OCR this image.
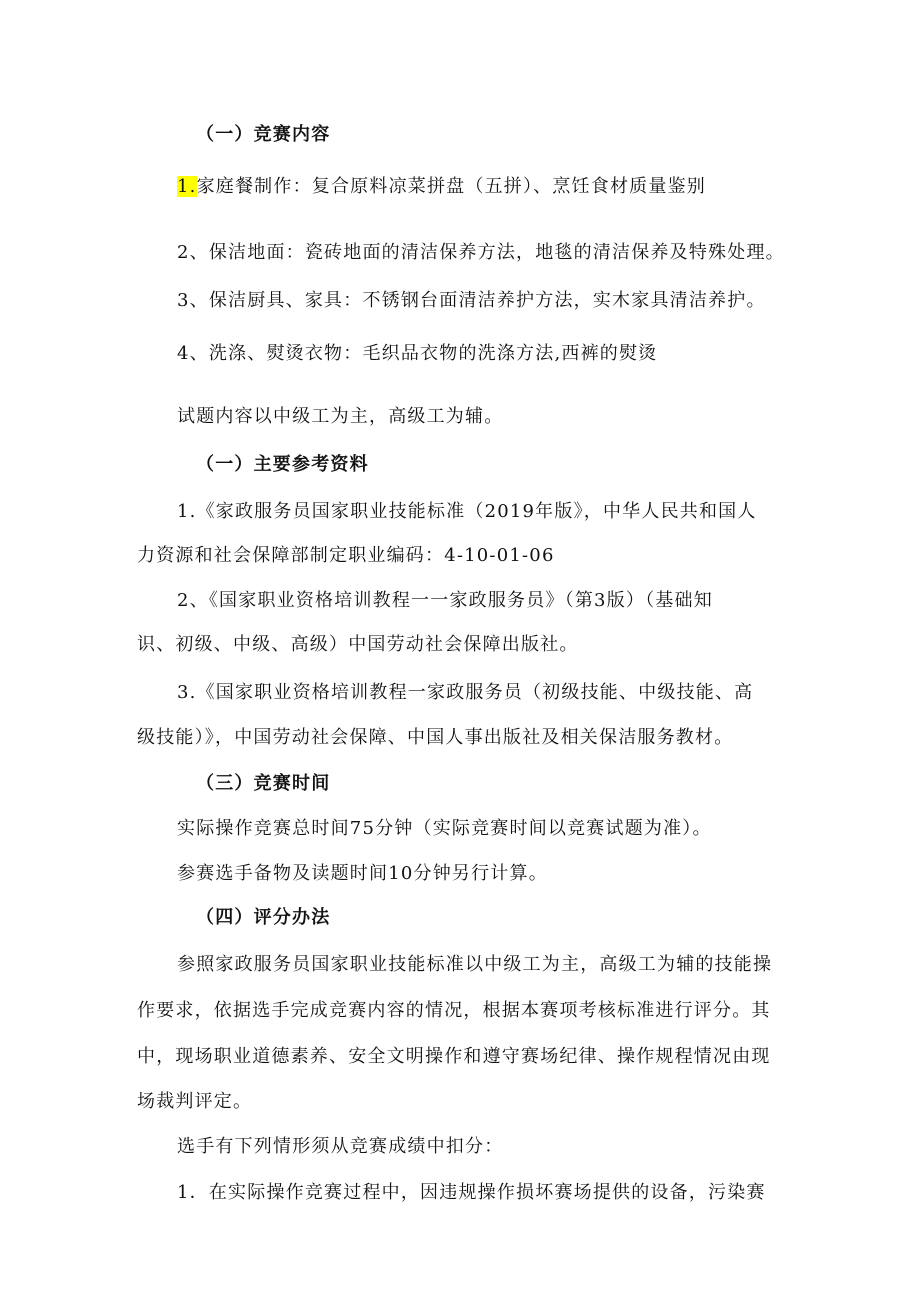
（一）竞赛内容
1.家庭餐制作：复合原料凉菜拼盘（五拼）、烹饪食材质量鉴别
2、保洁地面：瓷砖地面的清洁保养方法，地毯的清洁保养及特殊处理。
3、保洁厨具、家具：不锈钢台面清洁养护方法，实木家具清洁养护。
4、洗涤、熨烫衣物：毛织品衣物的洗涤方法,西裤的熨烫
试题内容以中级工为主，高级工为辅。
（一）主要参考资料
1.《家政服务员国家职业技能标准（2019年版》，中华人民共和国人
力资源和社会保障部制定职业编码：4-10-01-06
2、《国家职业资格培训教程一一家政服务员》（第3版）（基础知
识、初级、中级、高级）中国劳动社会保障出版社。
3.《国家职业资格培训教程一家政服务员（初级技能、中级技能、高
级技能）》，中国劳动社会保障、中国人事出版社及相关保洁服务教材。
（三）竞赛时间
实际操作竞赛总时间75分钟（实际竞赛时间以竞赛试题为准）。
参赛选手备物及读题时间10分钟另行计算。
（四）评分办法
参照家政服务员国家职业技能标准以中级工为主，高级工为辅的技能操
作要求，依据选手完成竞赛内容的情况，根据本赛项考核标准进行评分。其
中，现场职业道德素养、安全文明操作和遵守赛场纪律、操作规程情况由现
场裁判评定。
选手有下列情形须从竞赛成绩中扣分：
1．在实际操作竞赛过程中，因违规操作损坏赛场提供的设备，污染赛
